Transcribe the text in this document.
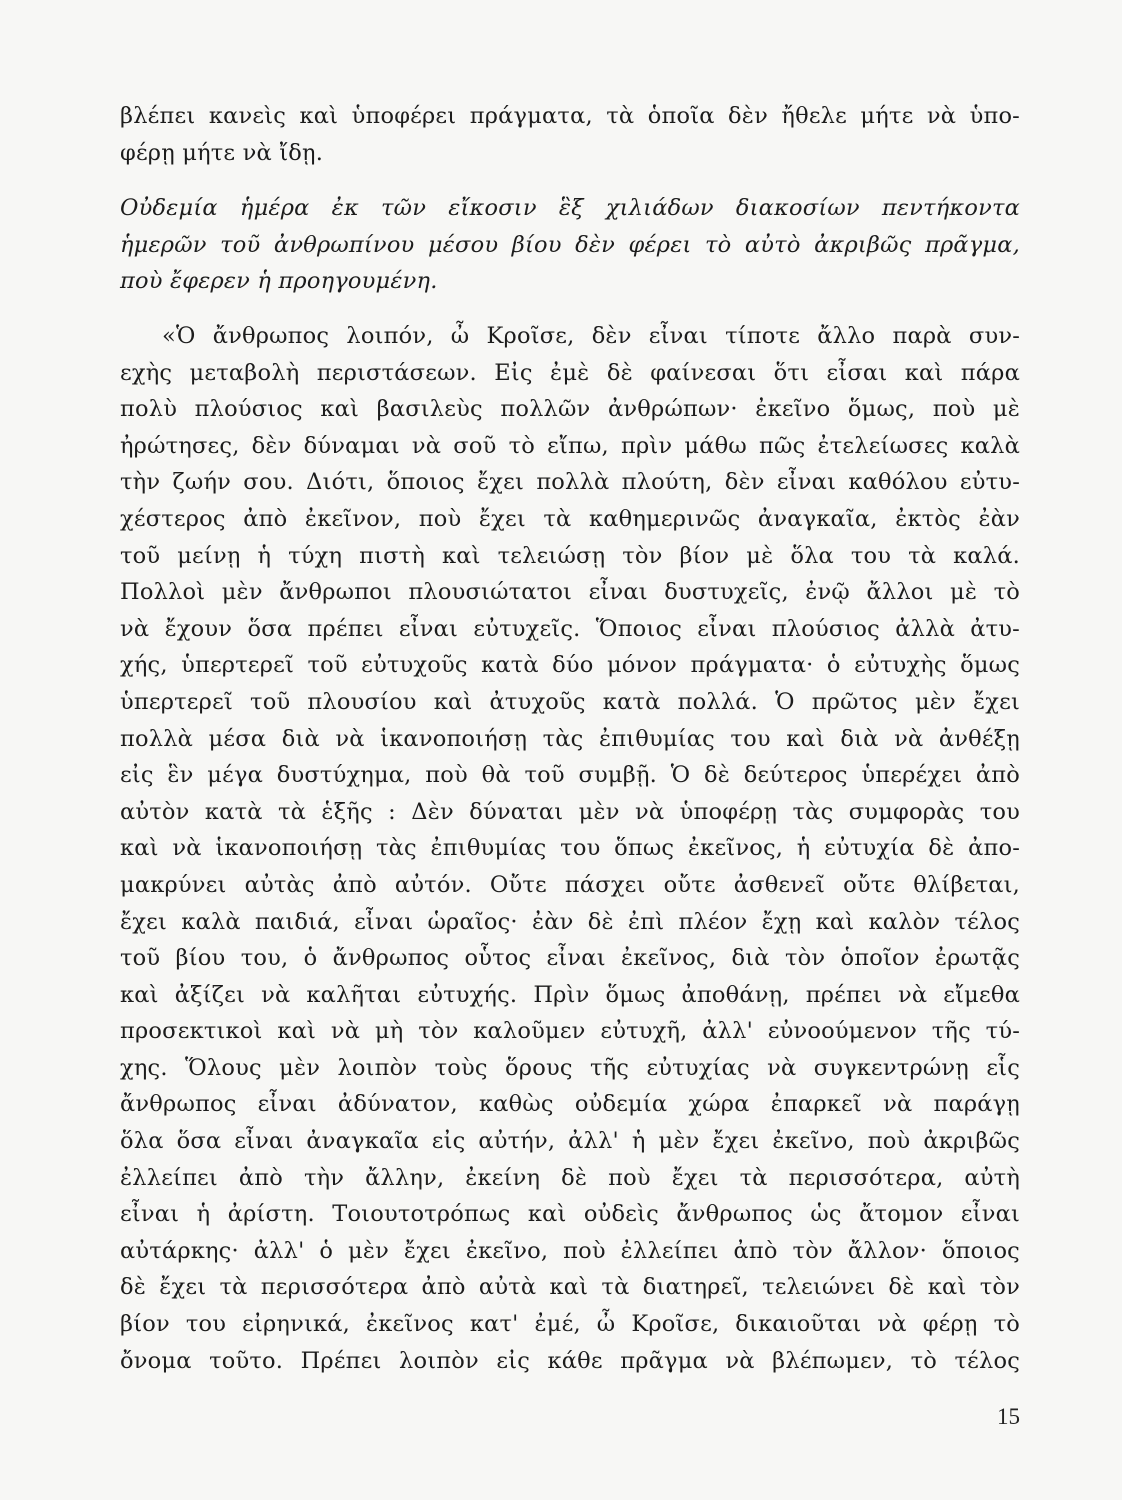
βλέπει κανεὶς καὶ ὑποφέρει πράγματα, τὰ ὁποῖα δὲν ἤθελε μήτε νὰ ὑπο-
φέρῃ μήτε νὰ ἴδῃ.
Οὐδεμία ἡμέρα ἐκ τῶν εἴκοσιν ἓξ χιλιάδων διακοσίων πεντήκοντα
ἡμερῶν τοῦ ἀνθρωπίνου μέσου βίου δὲν φέρει τὸ αὐτὸ ἀκριβῶς πρᾶγμα,
ποὺ ἔφερεν ἡ προηγουμένη.
«Ὁ ἄνθρωπος λοιπόν, ὦ Κροῖσε, δὲν εἶναι τίποτε ἄλλο παρὰ συν-
εχὴς μεταβολὴ περιστάσεων. Εἰς ἐμὲ δὲ φαίνεσαι ὅτι εἶσαι καὶ πάρα
πολὺ πλούσιος καὶ βασιλεὺς πολλῶν ἀνθρώπων· ἐκεῖνο ὅμως, ποὺ μὲ
ἠρώτησες, δὲν δύναμαι νὰ σοῦ τὸ εἴπω, πρὶν μάθω πῶς ἐτελείωσες καλὰ
τὴν ζωήν σου. Διότι, ὅποιος ἔχει πολλὰ πλούτη, δὲν εἶναι καθόλου εὐτυ-
χέστερος ἀπὸ ἐκεῖνον, ποὺ ἔχει τὰ καθημερινῶς ἀναγκαῖα, ἐκτὸς ἐὰν
τοῦ μείνῃ ἡ τύχη πιστὴ καὶ τελειώσῃ τὸν βίον μὲ ὅλα του τὰ καλά.
Πολλοὶ μὲν ἄνθρωποι πλουσιώτατοι εἶναι δυστυχεῖς, ἐνῷ ἄλλοι μὲ τὸ
νὰ ἔχουν ὅσα πρέπει εἶναι εὐτυχεῖς. Ὅποιος εἶναι πλούσιος ἀλλὰ ἀτυ-
χής, ὑπερτερεῖ τοῦ εὐτυχοῦς κατὰ δύο μόνον πράγματα· ὁ εὐτυχὴς ὅμως
ὑπερτερεῖ τοῦ πλουσίου καὶ ἀτυχοῦς κατὰ πολλά. Ὁ πρῶτος μὲν ἔχει
πολλὰ μέσα διὰ νὰ ἱκανοποιήσῃ τὰς ἐπιθυμίας του καὶ διὰ νὰ ἀνθέξῃ
εἰς ἓν μέγα δυστύχημα, ποὺ θὰ τοῦ συμβῇ. Ὁ δὲ δεύτερος ὑπερέχει ἀπὸ
αὐτὸν κατὰ τὰ ἑξῆς : Δὲν δύναται μὲν νὰ ὑποφέρῃ τὰς συμφορὰς του
καὶ νὰ ἱκανοποιήσῃ τὰς ἐπιθυμίας του ὅπως ἐκεῖνος, ἡ εὐτυχία δὲ ἀπο-
μακρύνει αὐτὰς ἀπὸ αὐτόν. Οὔτε πάσχει οὔτε ἀσθενεῖ οὔτε θλίβεται,
ἔχει καλὰ παιδιά, εἶναι ὡραῖος· ἐὰν δὲ ἐπὶ πλέον ἔχῃ καὶ καλὸν τέλος
τοῦ βίου του, ὁ ἄνθρωπος οὗτος εἶναι ἐκεῖνος, διὰ τὸν ὁποῖον ἐρωτᾷς
καὶ ἀξίζει νὰ καλῆται εὐτυχής. Πρὶν ὅμως ἀποθάνῃ, πρέπει νὰ εἴμεθα
προσεκτικοὶ καὶ νὰ μὴ τὸν καλοῦμεν εὐτυχῆ, ἀλλ' εὐνοούμενον τῆς τύ-
χης. Ὅλους μὲν λοιπὸν τοὺς ὅρους τῆς εὐτυχίας νὰ συγκεντρώνῃ εἷς
ἄνθρωπος εἶναι ἀδύνατον, καθὼς οὐδεμία χώρα ἐπαρκεῖ νὰ παράγῃ
ὅλα ὅσα εἶναι ἀναγκαῖα εἰς αὐτήν, ἀλλ' ἡ μὲν ἔχει ἐκεῖνο, ποὺ ἀκριβῶς
ἐλλείπει ἀπὸ τὴν ἄλλην, ἐκείνη δὲ ποὺ ἔχει τὰ περισσότερα, αὐτὴ
εἶναι ἡ ἀρίστη. Τοιουτοτρόπως καὶ οὐδεὶς ἄνθρωπος ὡς ἄτομον εἶναι
αὐτάρκης· ἀλλ' ὁ μὲν ἔχει ἐκεῖνο, ποὺ ἐλλείπει ἀπὸ τὸν ἄλλον· ὅποιος
δὲ ἔχει τὰ περισσότερα ἀπὸ αὐτὰ καὶ τὰ διατηρεῖ, τελειώνει δὲ καὶ τὸν
βίον του εἰρηνικά, ἐκεῖνος κατ' ἐμέ, ὦ Κροῖσε, δικαιοῦται νὰ φέρῃ τὸ
ὄνομα τοῦτο. Πρέπει λοιπὸν εἰς κάθε πρᾶγμα νὰ βλέπωμεν, τὸ τέλος
15
